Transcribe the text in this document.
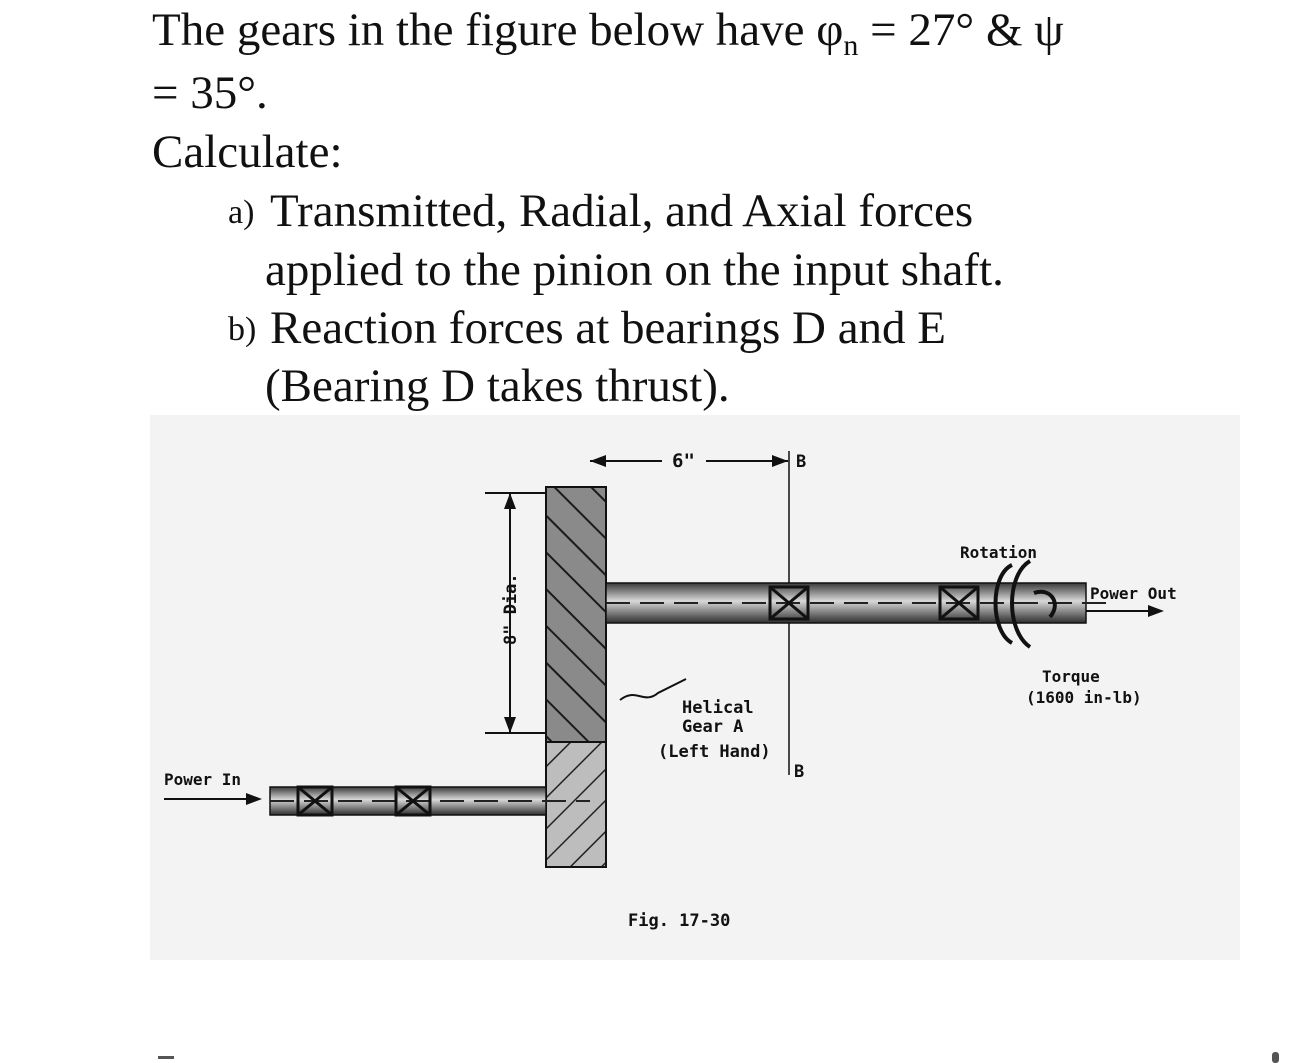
The gears in the figure below have $\varphi_n = 27^\circ$ & ψ
= 35°.
Calculate:
a) Transmitted, Radial, and Axial forces
applied to the pinion on the input shaft.
b) Reaction forces at bearings D and E
(Bearing D takes thrust).
8" Dia.
6"	B
B
Rotation
Power Out
Torque
(1600 in-lb)
Helical
Gear A
(Left Hand)
Power In
Fig. 17-30
